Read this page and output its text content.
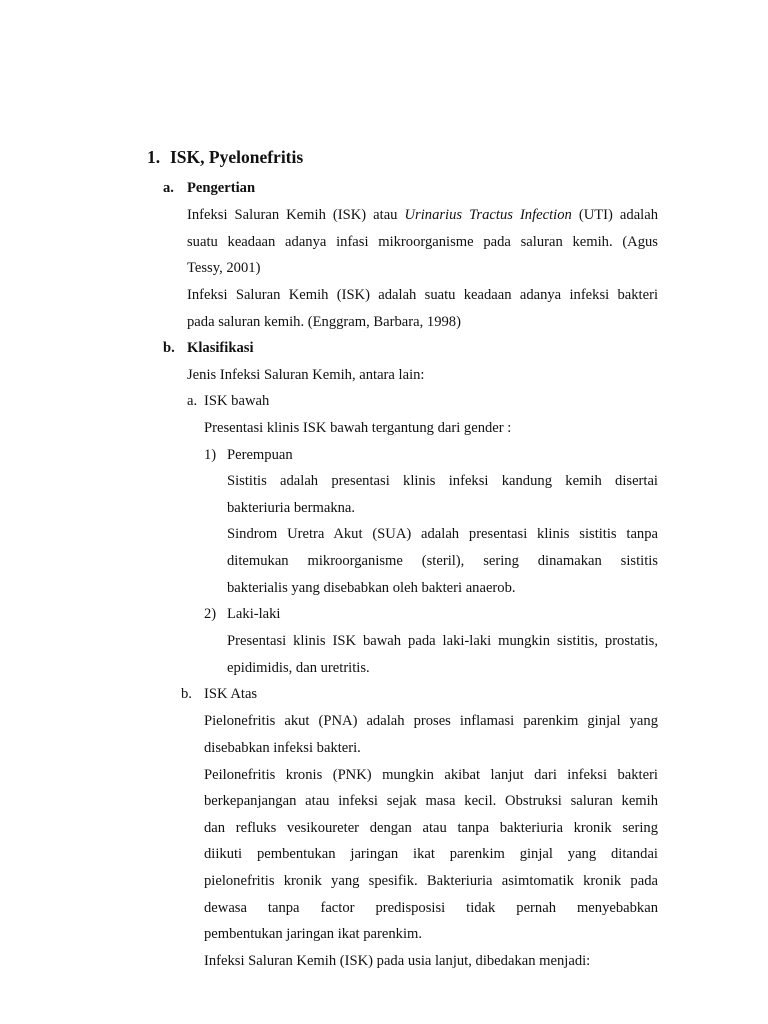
1. ISK, Pyelonefritis
a. Pengertian
Infeksi Saluran Kemih (ISK) atau Urinarius Tractus Infection (UTI) adalah
suatu keadaan adanya infasi mikroorganisme pada saluran kemih. (Agus
Tessy, 2001)
Infeksi Saluran Kemih (ISK) adalah suatu keadaan adanya infeksi bakteri
pada saluran kemih. (Enggram, Barbara, 1998)
b. Klasifikasi
Jenis Infeksi Saluran Kemih, antara lain:
a. ISK bawah
Presentasi klinis ISK bawah tergantung dari gender :
1) Perempuan
Sistitis adalah presentasi klinis infeksi kandung kemih disertai
bakteriuria bermakna.
Sindrom Uretra Akut (SUA) adalah presentasi klinis sistitis tanpa
ditemukan mikroorganisme (steril), sering dinamakan sistitis
bakterialis yang disebabkan oleh bakteri anaerob.
2) Laki-laki
Presentasi klinis ISK bawah pada laki-laki mungkin sistitis, prostatis,
epidimidis, dan uretritis.
b. ISK Atas
Pielonefritis akut (PNA) adalah proses inflamasi parenkim ginjal yang
disebabkan infeksi bakteri.
Peilonefritis kronis (PNK) mungkin akibat lanjut dari infeksi bakteri
berkepanjangan atau infeksi sejak masa kecil. Obstruksi saluran kemih
dan refluks vesikoureter dengan atau tanpa bakteriuria kronik sering
diikuti pembentukan jaringan ikat parenkim ginjal yang ditandai
pielonefritis kronik yang spesifik. Bakteriuria asimtomatik kronik pada
dewasa tanpa factor predisposisi tidak pernah menyebabkan
pembentukan jaringan ikat parenkim.
Infeksi Saluran Kemih (ISK) pada usia lanjut, dibedakan menjadi:
